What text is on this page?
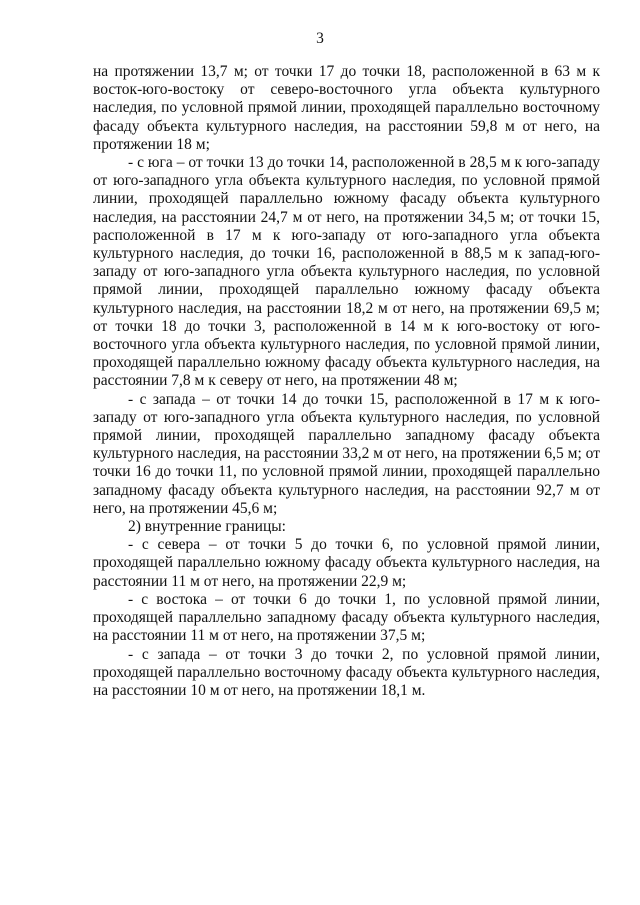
3

на протяжении 13,7 м; от точки 17 до точки 18, расположенной в 63 м к восток-юго-востоку от северо-восточного угла объекта культурного наследия, по условной прямой линии, проходящей параллельно восточному фасаду объекта культурного наследия, на расстоянии 59,8 м от него, на протяжении 18 м;

- с юга – от точки 13 до точки 14, расположенной в 28,5 м к юго-западу от юго-западного угла объекта культурного наследия, по условной прямой линии, проходящей параллельно южному фасаду объекта культурного наследия, на расстоянии 24,7 м от него, на протяжении 34,5 м; от точки 15, расположенной в 17 м к юго-западу от юго-западного угла объекта культурного наследия, до точки 16, расположенной в 88,5 м к запад-юго-западу от юго-западного угла объекта культурного наследия, по условной прямой линии, проходящей параллельно южному фасаду объекта культурного наследия, на расстоянии 18,2 м от него, на протяжении 69,5 м; от точки 18 до точки 3, расположенной в 14 м к юго-востоку от юго-восточного угла объекта культурного наследия, по условной прямой линии, проходящей параллельно южному фасаду объекта культурного наследия, на расстоянии 7,8 м к северу от него, на протяжении 48 м;

- с запада – от точки 14 до точки 15, расположенной в 17 м к юго-западу от юго-западного угла объекта культурного наследия, по условной прямой линии, проходящей параллельно западному фасаду объекта культурного наследия, на расстоянии 33,2 м от него, на протяжении 6,5 м; от точки 16 до точки 11, по условной прямой линии, проходящей параллельно западному фасаду объекта культурного наследия, на расстоянии 92,7 м от него, на протяжении 45,6 м;

2) внутренние границы:

- с севера – от точки 5 до точки 6, по условной прямой линии, проходящей параллельно южному фасаду объекта культурного наследия, на расстоянии 11 м от него, на протяжении 22,9 м;

- с востока – от точки 6 до точки 1, по условной прямой линии, проходящей параллельно западному фасаду объекта культурного наследия, на расстоянии 11 м от него, на протяжении 37,5 м;

- с запада – от точки 3 до точки 2, по условной прямой линии, проходящей параллельно восточному фасаду объекта культурного наследия, на расстоянии 10 м от него, на протяжении 18,1 м.
